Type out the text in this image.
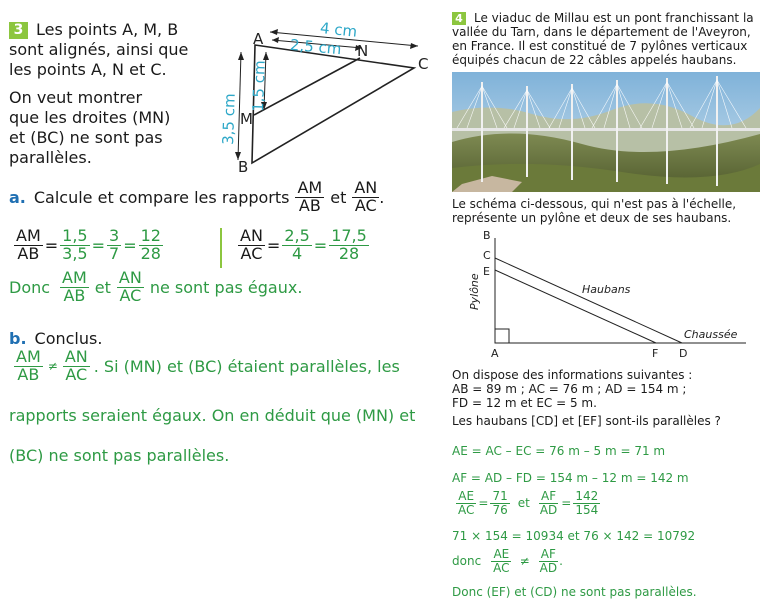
3 Les points A, M, B
sont alignés, ainsi que
les points A, N et C.
On veut montrer
que les droites (MN)
et (BC) ne sont pas
parallèles.
A
M
B
N
C
4 cm
2,5 cm
1,5 cm
3,5 cm
a. Calcule et compare les rapports $\frac{AM}{AB}$ et $\frac{AN}{AC}$ .
$\frac{AM}{AB} = \frac{1,5}{3,5} = \frac{3}{7} = \frac{12}{28}$	$\frac{AN}{AC} = \frac{2,5}{4} = \frac{17,5}{28}$
Donc $\frac{AM}{AB}$ et $\frac{AN}{AC}$ ne sont pas égaux.
b. Conclus.
$\frac{AM}{AB} \ne \frac{AN}{AC}$ . Si (MN) et (BC) étaient parallèles, les
rapports seraient égaux. On en déduit que (MN) et
(BC) ne sont pas parallèles.
4 Le viaduc de Millau est un pont franchissant la
vallée du Tarn, dans le département de l'Aveyron,
en France. Il est constitué de 7 pylônes verticaux
équipés chacun de 22 câbles appelés haubans.
Le schéma ci-dessous, qui n'est pas à l'échelle,
représente un pylône et deux de ses haubans.
B
C
E
A	F D
Pylône	Haubans
Chaussée
On dispose des informations suivantes :
AB = 89 m ; AC = 76 m ; AD = 154 m ;
FD = 12 m et EC = 5 m.
Les haubans [CD] et [EF] sont-ils parallèles ?
AE = AC – EC = 76 m – 5 m = 71 m
AF = AD – FD = 154 m – 12 m = 142 m
$\frac{AE}{AC} = \frac{71}{76}$ et $\frac{AF}{AD} = \frac{142}{154}$
71 × 154 = 10934 et 76 × 142 = 10792
donc $\frac{AE}{AC} \ne \frac{AF}{AD}$ .
Donc (EF) et (CD) ne sont pas parallèles.
